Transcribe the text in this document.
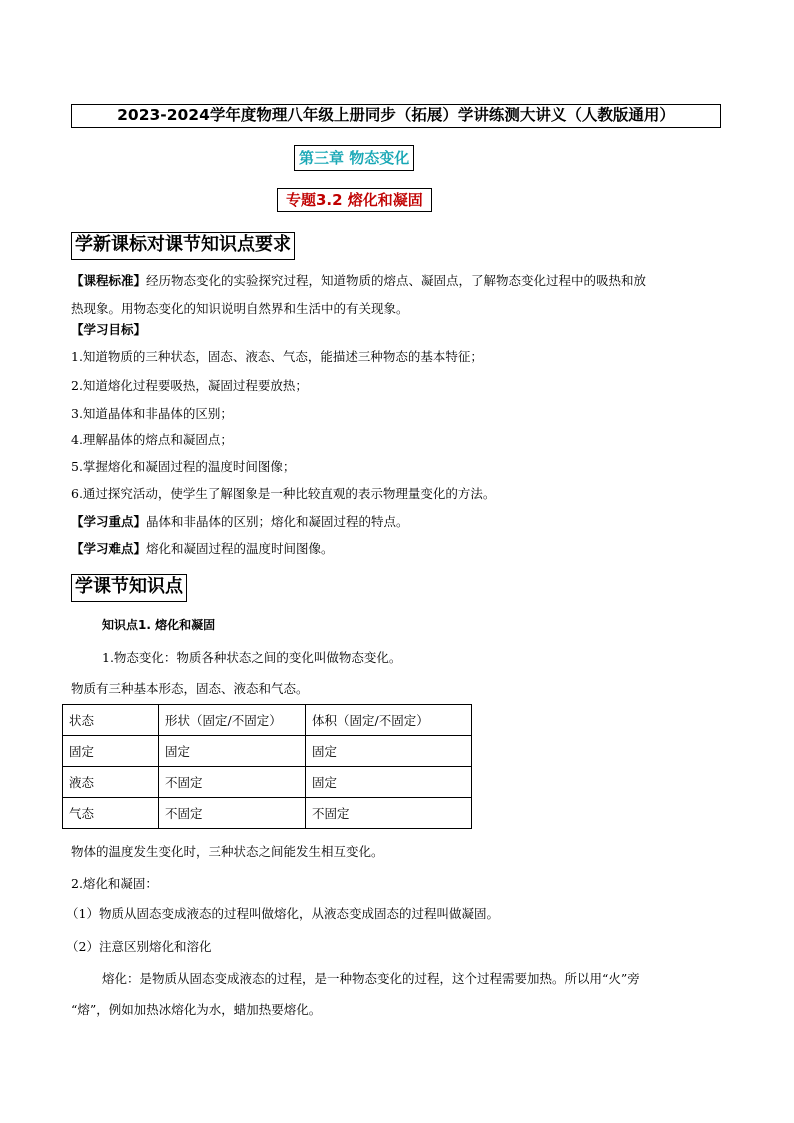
2023-2024学年度物理八年级上册同步（拓展）学讲练测大讲义（人教版通用）
第三章 物态变化
专题3.2 熔化和凝固
学新课标对课节知识点要求
【课程标准】经历物态变化的实验探究过程，知道物质的熔点、凝固点，了解物态变化过程中的吸热和放
热现象。用物态变化的知识说明自然界和生活中的有关现象。
【学习目标】
1.知道物质的三种状态，固态、液态、气态，能描述三种物态的基本特征；
2.知道熔化过程要吸热，凝固过程要放热；
3.知道晶体和非晶体的区别；
4.理解晶体的熔点和凝固点；
5.掌握熔化和凝固过程的温度时间图像；
6.通过探究活动，使学生了解图象是一种比较直观的表示物理量变化的方法。
【学习重点】晶体和非晶体的区别；熔化和凝固过程的特点。
【学习难点】熔化和凝固过程的温度时间图像。
学课节知识点
知识点1. 熔化和凝固
1.物态变化：物质各种状态之间的变化叫做物态变化。
物质有三种基本形态，固态、液态和气态。
状态	形状（固定/不固定）	体积（固定/不固定）
固定	固定	固定
液态	不固定	固定
气态	不固定	不固定
物体的温度发生变化时，三种状态之间能发生相互变化。
2.熔化和凝固：
（1）物质从固态变成液态的过程叫做熔化，从液态变成固态的过程叫做凝固。
（2）注意区别熔化和溶化
熔化：是物质从固态变成液态的过程，是一种物态变化的过程，这个过程需要加热。所以用“火”旁
“熔”，例如加热冰熔化为水，蜡加热要熔化。
